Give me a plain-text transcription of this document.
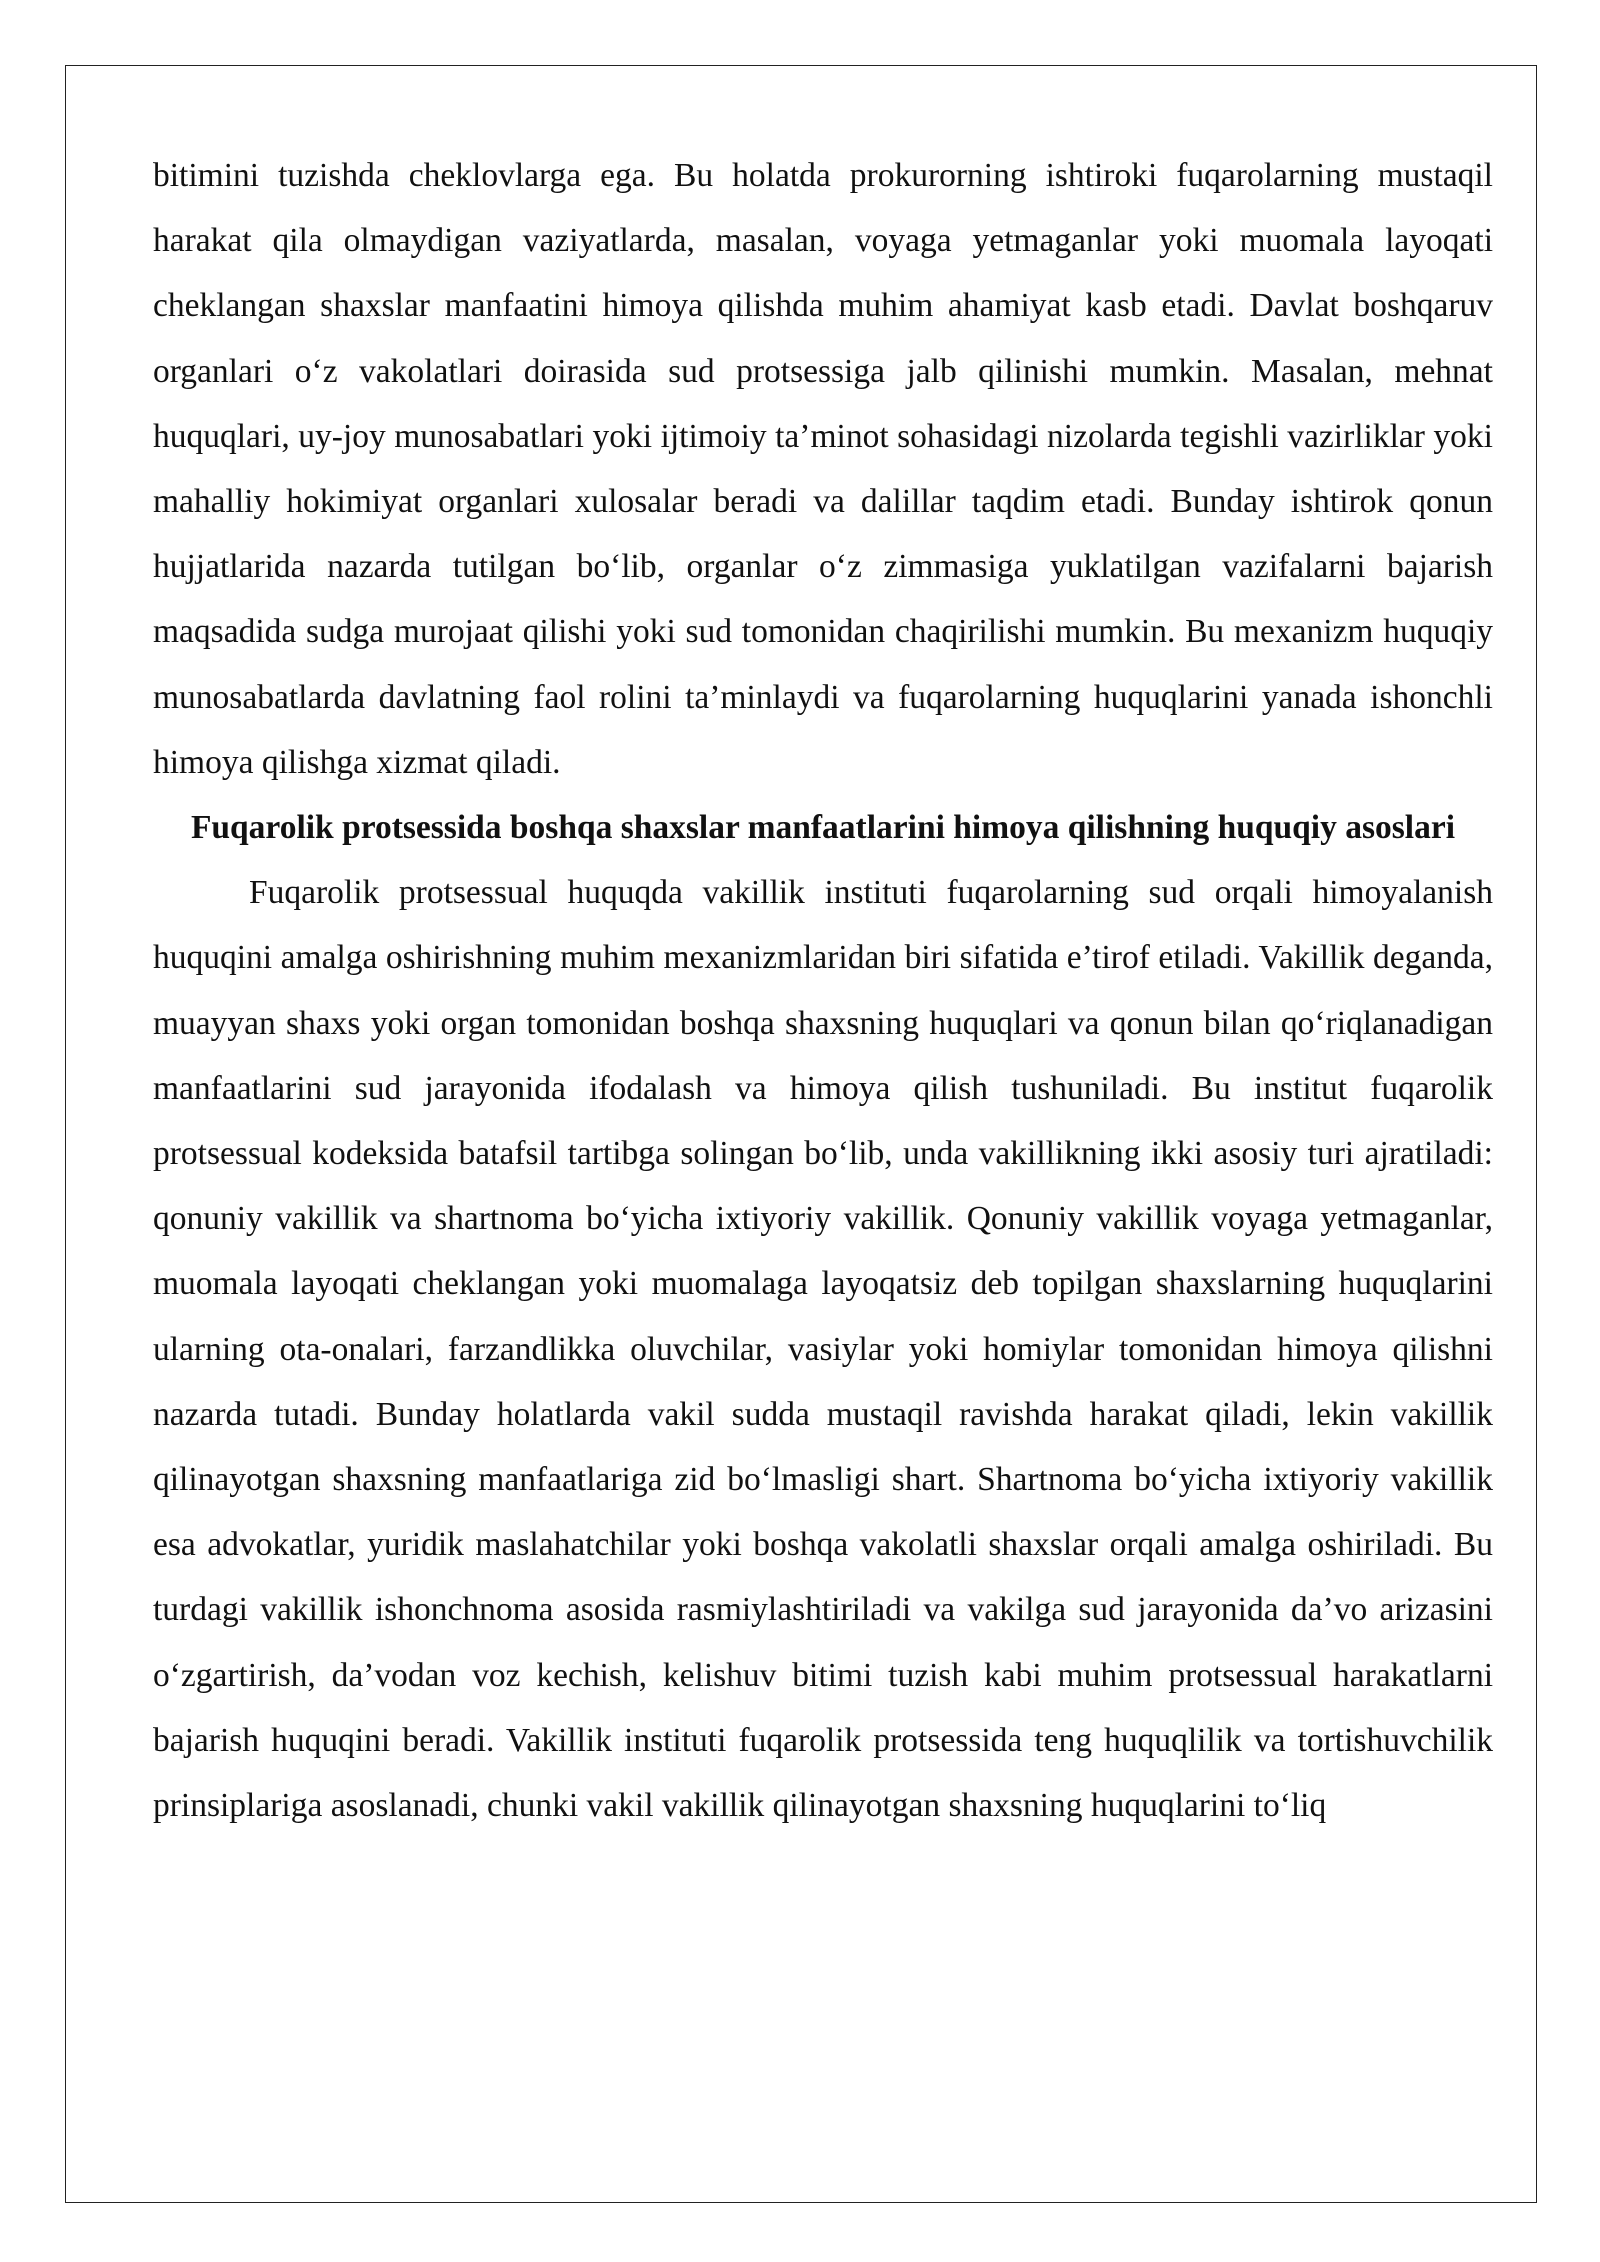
bitimini tuzishda cheklovlarga ega. Bu holatda prokurorning ishtiroki fuqarolarning mustaqil harakat qila olmaydigan vaziyatlarda, masalan, voyaga yetmaganlar yoki muomala layoqati cheklangan shaxslar manfaatini himoya qilishda muhim ahamiyat kasb etadi. Davlat boshqaruv organlari o‘z vakolatlari doirasida sud protsessiga jalb qilinishi mumkin. Masalan, mehnat huquqlari, uy-joy munosabatlari yoki ijtimoiy ta’minot sohasidagi nizolarda tegishli vazirliklar yoki mahalliy hokimiyat organlari xulosalar beradi va dalillar taqdim etadi. Bunday ishtirok qonun hujjatlarida nazarda tutilgan bo‘lib, organlar o‘z zimmasiga yuklatilgan vazifalarni bajarish maqsadida sudga murojaat qilishi yoki sud tomonidan chaqirilishi mumkin. Bu mexanizm huquqiy munosabatlarda davlatning faol rolini ta’minlaydi va fuqarolarning huquqlarini yanada ishonchli himoya qilishga xizmat qiladi.

Fuqarolik protsessida boshqa shaxslar manfaatlarini himoya qilishning huquqiy asoslari

Fuqarolik protsessual huquqda vakillik instituti fuqarolarning sud orqali himoyalanish huquqini amalga oshirishning muhim mexanizmlaridan biri sifatida e’tirof etiladi. Vakillik deganda, muayyan shaxs yoki organ tomonidan boshqa shaxsning huquqlari va qonun bilan qo‘riqlanadigan manfaatlarini sud jarayonida ifodalash va himoya qilish tushuniladi. Bu institut fuqarolik protsessual kodeksida batafsil tartibga solingan bo‘lib, unda vakillikning ikki asosiy turi ajratiladi: qonuniy vakillik va shartnoma bo‘yicha ixtiyoriy vakillik. Qonuniy vakillik voyaga yetmaganlar, muomala layoqati cheklangan yoki muomalaga layoqatsiz deb topilgan shaxslarning huquqlarini ularning ota-onalari, farzandlikka oluvchilar, vasiylar yoki homiylar tomonidan himoya qilishni nazarda tutadi. Bunday holatlarda vakil sudda mustaqil ravishda harakat qiladi, lekin vakillik qilinayotgan shaxsning manfaatlariga zid bo‘lmasligi shart. Shartnoma bo‘yicha ixtiyoriy vakillik esa advokatlar, yuridik maslahatchilar yoki boshqa vakolatli shaxslar orqali amalga oshiriladi. Bu turdagi vakillik ishonchnoma asosida rasmiylashtiriladi va vakilga sud jarayonida da’vo arizasini o‘zgartirish, da’vodan voz kechish, kelishuv bitimi tuzish kabi muhim protsessual harakatlarni bajarish huquqini beradi. Vakillik instituti fuqarolik protsessida teng huquqlilik va tortishuvchilik prinsiplariga asoslanadi, chunki vakil vakillik qilinayotgan shaxsning huquqlarini to‘liq
